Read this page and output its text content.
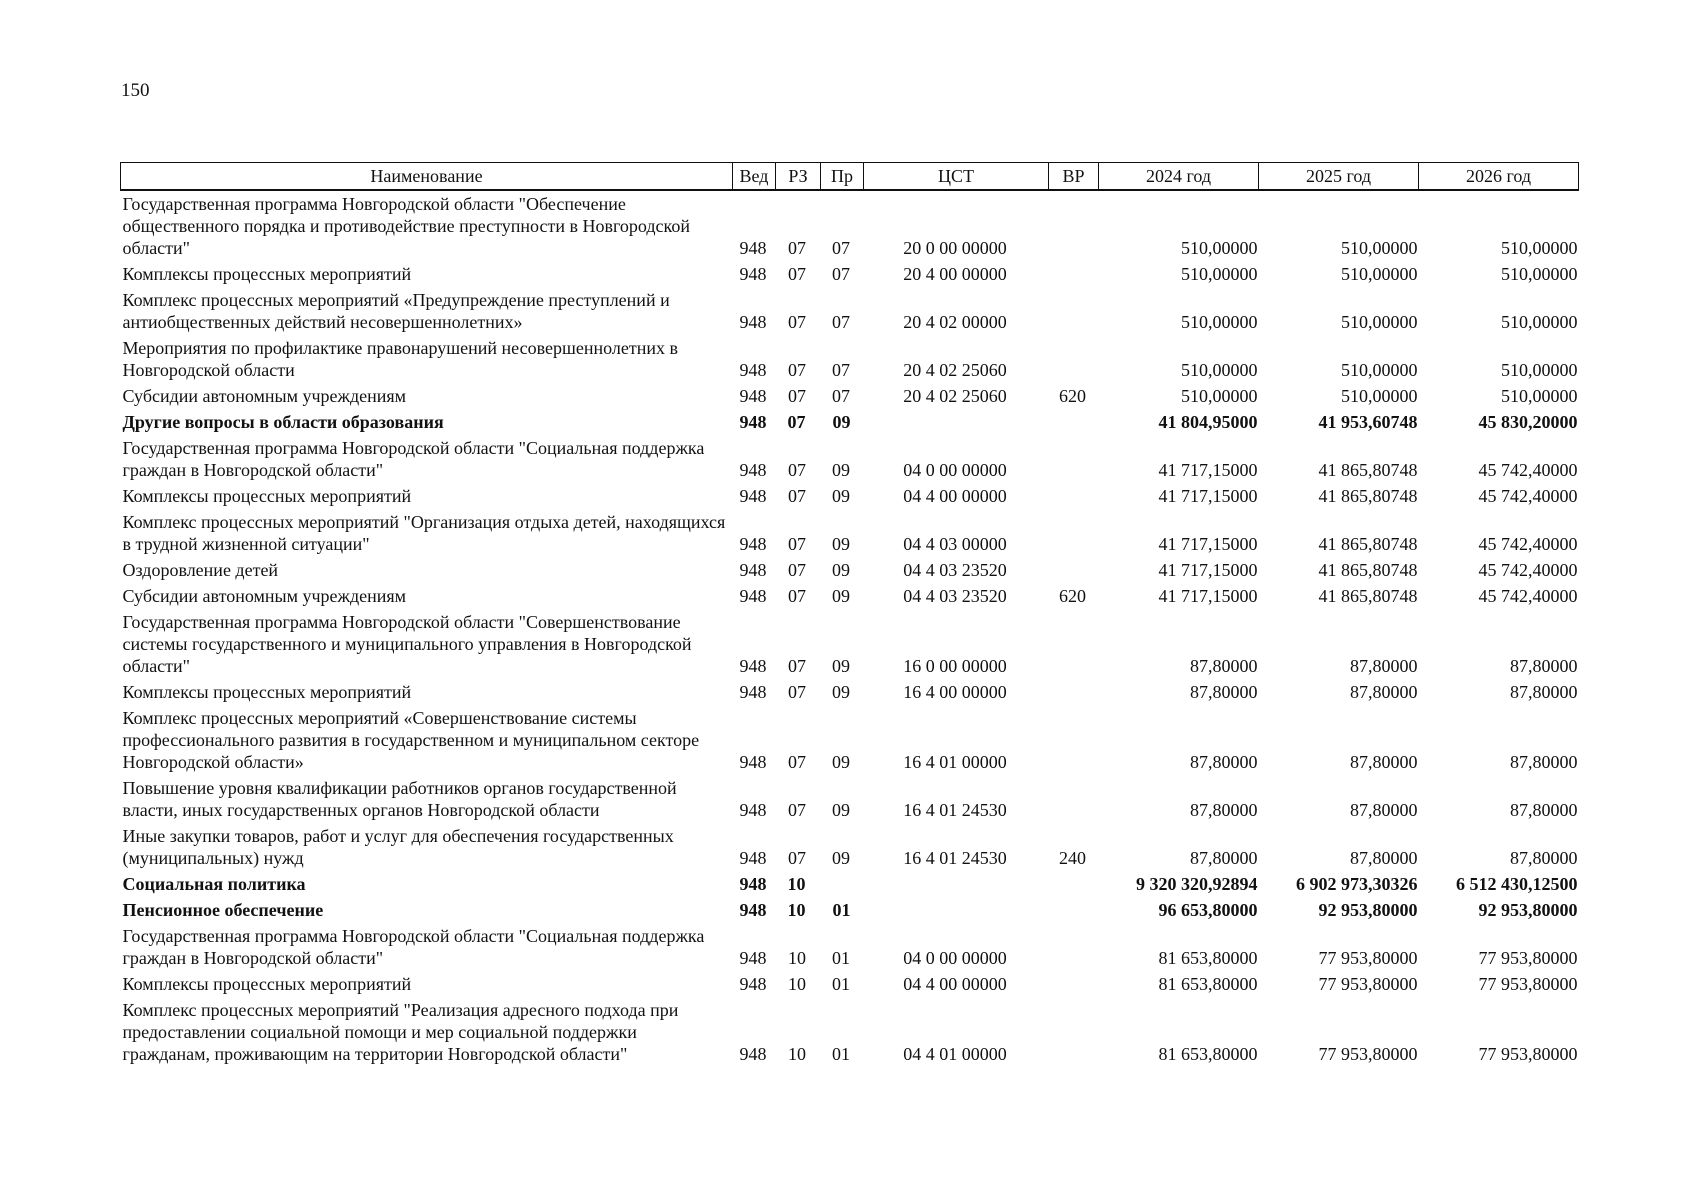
150
Наименование	Вед	РЗ	Пр	ЦСТ	ВР	2024 год	2025 год	2026 год
Государственная программа Новгородской области "Обеспечение общественного порядка и противодействие преступности в Новгородской области"	948	07	07	20 0 00 00000		510,00000	510,00000	510,00000
Комплексы процессных мероприятий	948	07	07	20 4 00 00000		510,00000	510,00000	510,00000
Комплекс процессных мероприятий «Предупреждение преступлений и антиобщественных действий несовершеннолетних»	948	07	07	20 4 02 00000		510,00000	510,00000	510,00000
Мероприятия по профилактике правонарушений несовершеннолетних в Новгородской области	948	07	07	20 4 02 25060		510,00000	510,00000	510,00000
Субсидии автономным учреждениям	948	07	07	20 4 02 25060	620	510,00000	510,00000	510,00000
Другие вопросы в области образования	948	07	09			41 804,95000	41 953,60748	45 830,20000
Государственная программа Новгородской области "Социальная поддержка граждан в Новгородской области"	948	07	09	04 0 00 00000		41 717,15000	41 865,80748	45 742,40000
Комплексы процессных мероприятий	948	07	09	04 4 00 00000		41 717,15000	41 865,80748	45 742,40000
Комплекс процессных мероприятий "Организация отдыха детей, находящихся в трудной жизненной ситуации"	948	07	09	04 4 03 00000		41 717,15000	41 865,80748	45 742,40000
Оздоровление детей	948	07	09	04 4 03 23520		41 717,15000	41 865,80748	45 742,40000
Субсидии автономным учреждениям	948	07	09	04 4 03 23520	620	41 717,15000	41 865,80748	45 742,40000
Государственная программа Новгородской области "Совершенствование системы государственного и муниципального управления в Новгородской области"	948	07	09	16 0 00 00000		87,80000	87,80000	87,80000
Комплексы процессных мероприятий	948	07	09	16 4 00 00000		87,80000	87,80000	87,80000
Комплекс процессных мероприятий «Совершенствование системы профессионального развития в государственном и муниципальном секторе Новгородской области»	948	07	09	16 4 01 00000		87,80000	87,80000	87,80000
Повышение уровня квалификации работников органов государственной власти, иных государственных органов Новгородской области	948	07	09	16 4 01 24530		87,80000	87,80000	87,80000
Иные закупки товаров, работ и услуг для обеспечения государственных (муниципальных) нужд	948	07	09	16 4 01 24530	240	87,80000	87,80000	87,80000
Социальная политика	948	10				9 320 320,92894	6 902 973,30326	6 512 430,12500
Пенсионное обеспечение	948	10	01			96 653,80000	92 953,80000	92 953,80000
Государственная программа Новгородской области "Социальная поддержка граждан в Новгородской области"	948	10	01	04 0 00 00000		81 653,80000	77 953,80000	77 953,80000
Комплексы процессных мероприятий	948	10	01	04 4 00 00000		81 653,80000	77 953,80000	77 953,80000
Комплекс процессных мероприятий "Реализация адресного подхода при предоставлении социальной помощи и мер социальной поддержки гражданам, проживающим на территории Новгородской области"	948	10	01	04 4 01 00000		81 653,80000	77 953,80000	77 953,80000
